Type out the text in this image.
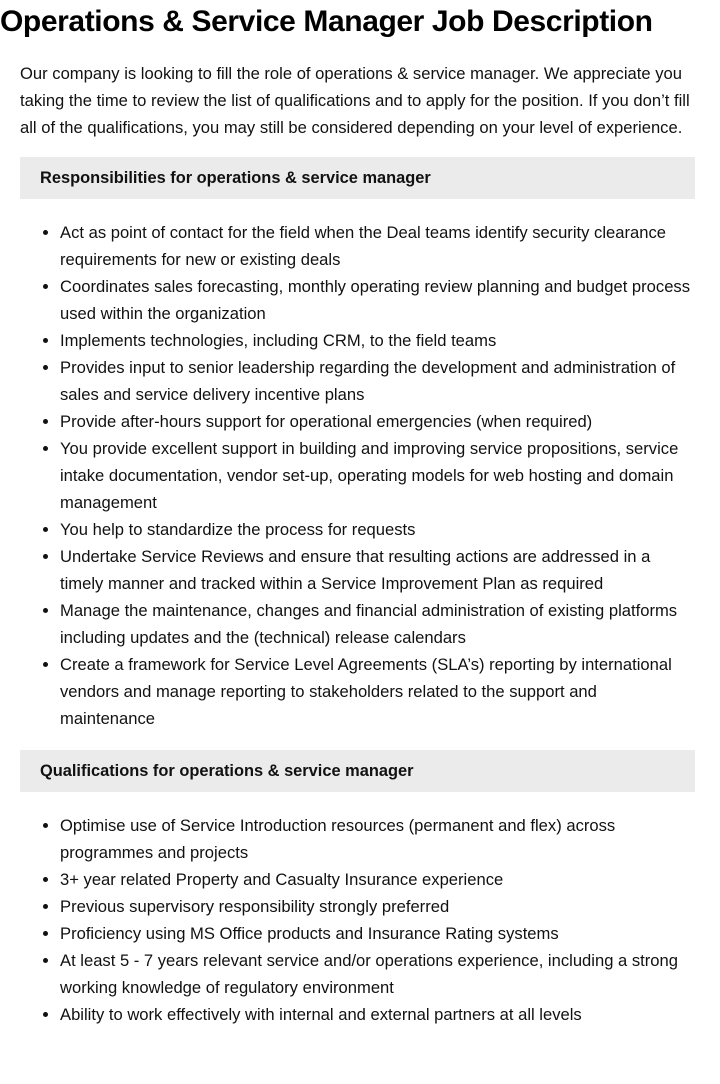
Operations & Service Manager Job Description

Our company is looking to fill the role of operations & service manager. We appreciate you taking the time to review the list of qualifications and to apply for the position. If you don’t fill all of the qualifications, you may still be considered depending on your level of experience.

Responsibilities for operations & service manager
• Act as point of contact for the field when the Deal teams identify security clearance requirements for new or existing deals
• Coordinates sales forecasting, monthly operating review planning and budget process used within the organization
• Implements technologies, including CRM, to the field teams
• Provides input to senior leadership regarding the development and administration of sales and service delivery incentive plans
• Provide after-hours support for operational emergencies (when required)
• You provide excellent support in building and improving service propositions, service intake documentation, vendor set-up, operating models for web hosting and domain management
• You help to standardize the process for requests
• Undertake Service Reviews and ensure that resulting actions are addressed in a timely manner and tracked within a Service Improvement Plan as required
• Manage the maintenance, changes and financial administration of existing platforms including updates and the (technical) release calendars
• Create a framework for Service Level Agreements (SLA’s) reporting by international vendors and manage reporting to stakeholders related to the support and maintenance
Qualifications for operations & service manager
• Optimise use of Service Introduction resources (permanent and flex) across programmes and projects
• 3+ year related Property and Casualty Insurance experience
• Previous supervisory responsibility strongly preferred
• Proficiency using MS Office products and Insurance Rating systems
• At least 5 - 7 years relevant service and/or operations experience, including a strong working knowledge of regulatory environment
• Ability to work effectively with internal and external partners at all levels
